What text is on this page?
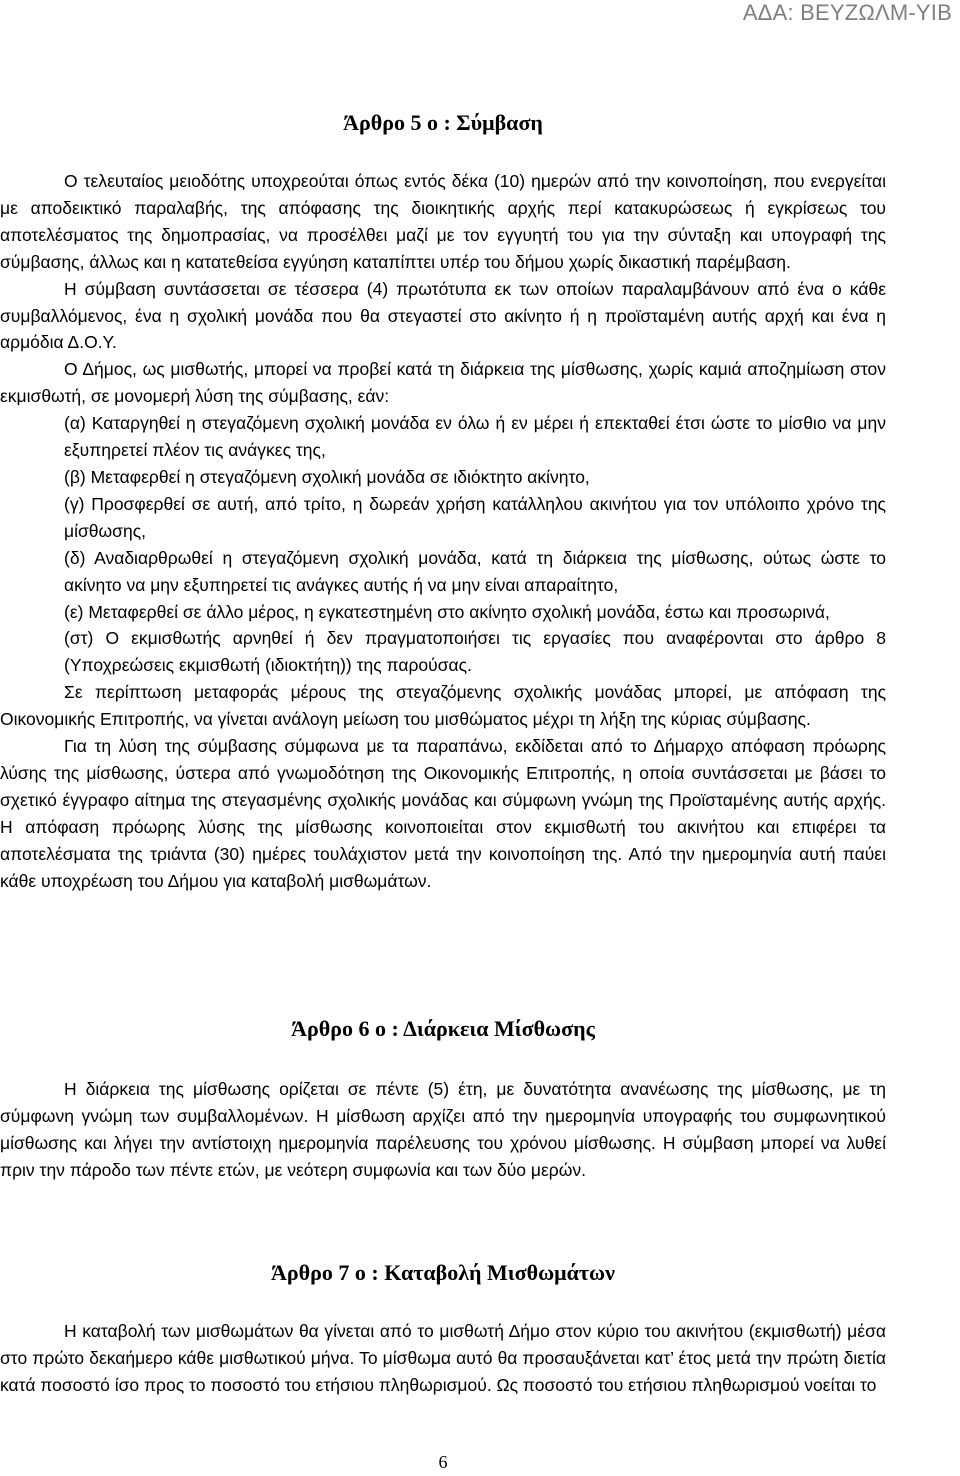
ΑΔΑ: ΒΕΥΖΩΛΜ-ΥΙΒ
Άρθρο 5 ο : Σύμβαση

Ο τελευταίος μειοδότης υποχρεούται όπως εντός δέκα (10) ημερών από την κοινοποίηση, που ενεργείται με αποδεικτικό παραλαβής, της απόφασης της διοικητικής αρχής περί κατακυρώσεως ή εγκρίσεως του αποτελέσματος της δημοπρασίας, να προσέλθει μαζί με τον εγγυητή του για την σύνταξη και υπογραφή της σύμβασης, άλλως και η κατατεθείσα εγγύηση καταπίπτει υπέρ του δήμου χωρίς δικαστική παρέμβαση.

Η σύμβαση συντάσσεται σε τέσσερα (4) πρωτότυπα εκ των οποίων παραλαμβάνουν από ένα ο κάθε συμβαλλόμενος, ένα η σχολική μονάδα που θα στεγαστεί στο ακίνητο ή η προϊσταμένη αυτής αρχή και ένα η αρμόδια Δ.Ο.Υ.

Ο Δήμος, ως μισθωτής, μπορεί να προβεί κατά τη διάρκεια της μίσθωσης, χωρίς καμιά αποζημίωση στον εκμισθωτή, σε μονομερή λύση της σύμβασης, εάν:

(α) Καταργηθεί η στεγαζόμενη σχολική μονάδα εν όλω ή εν μέρει ή επεκταθεί έτσι ώστε το μίσθιο να μην εξυπηρετεί πλέον τις ανάγκες της,

(β) Μεταφερθεί η στεγαζόμενη σχολική μονάδα σε ιδιόκτητο ακίνητο,

(γ) Προσφερθεί σε αυτή, από τρίτο, η δωρεάν χρήση κατάλληλου ακινήτου για τον υπόλοιπο χρόνο της μίσθωσης,

(δ) Αναδιαρθρωθεί η στεγαζόμενη σχολική μονάδα, κατά τη διάρκεια της μίσθωσης, ούτως ώστε το ακίνητο να μην εξυπηρετεί τις ανάγκες αυτής ή να μην είναι απαραίτητο,

(ε) Μεταφερθεί σε άλλο μέρος, η εγκατεστημένη στο ακίνητο σχολική μονάδα, έστω και προσωρινά,

(στ) Ο εκμισθωτής αρνηθεί ή δεν πραγματοποιήσει τις εργασίες που αναφέρονται στο άρθρο 8 (Υποχρεώσεις εκμισθωτή (ιδιοκτήτη)) της παρούσας.

Σε περίπτωση μεταφοράς μέρους της στεγαζόμενης σχολικής μονάδας μπορεί, με απόφαση της Οικονομικής Επιτροπής, να γίνεται ανάλογη μείωση του μισθώματος μέχρι τη λήξη της κύριας σύμβασης.

Για τη λύση της σύμβασης σύμφωνα με τα παραπάνω, εκδίδεται από το Δήμαρχο απόφαση πρόωρης λύσης της μίσθωσης, ύστερα από γνωμοδότηση της Οικονομικής Επιτροπής, η οποία συντάσσεται με βάσει το σχετικό έγγραφο αίτημα της στεγασμένης σχολικής μονάδας και σύμφωνη γνώμη της Προϊσταμένης αυτής αρχής. Η απόφαση πρόωρης λύσης της μίσθωσης κοινοποιείται στον εκμισθωτή του ακινήτου και επιφέρει τα αποτελέσματα της τριάντα (30) ημέρες τουλάχιστον μετά την κοινοποίηση της. Από την ημερομηνία αυτή παύει κάθε υποχρέωση του Δήμου για καταβολή μισθωμάτων.

Άρθρο 6 ο : Διάρκεια Μίσθωσης

Η διάρκεια της μίσθωσης ορίζεται σε πέντε (5) έτη, με δυνατότητα ανανέωσης της μίσθωσης, με τη σύμφωνη γνώμη των συμβαλλομένων. Η μίσθωση αρχίζει από την ημερομηνία υπογραφής του συμφωνητικού μίσθωσης και λήγει την αντίστοιχη ημερομηνία παρέλευσης του χρόνου μίσθωσης. Η σύμβαση μπορεί να λυθεί πριν την πάροδο των πέντε ετών, με νεότερη συμφωνία και των δύο μερών.

Άρθρο 7 ο : Καταβολή Μισθωμάτων

Η καταβολή των μισθωμάτων θα γίνεται από το μισθωτή Δήμο στον κύριο του ακινήτου (εκμισθωτή) μέσα στο πρώτο δεκαήμερο κάθε μισθωτικού μήνα. Το μίσθωμα αυτό θα προσαυξάνεται κατ’ έτος μετά την πρώτη διετία κατά ποσοστό ίσο προς το ποσοστό του ετήσιου πληθωρισμού. Ως ποσοστό του ετήσιου πληθωρισμού νοείται το

6
